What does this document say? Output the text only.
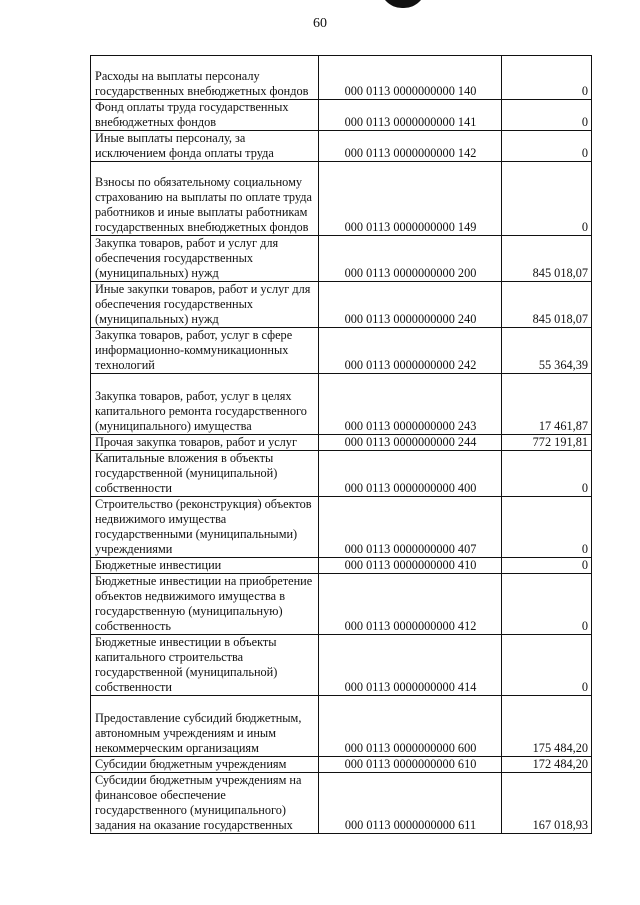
60
Расходы на выплаты персоналу государственных внебюджетных фондов	000 0113 0000000000 140	0
Фонд оплаты труда государственных внебюджетных фондов	000 0113 0000000000 141	0
Иные выплаты персоналу, за исключением фонда оплаты труда	000 0113 0000000000 142	0
Взносы по обязательному социальному страхованию на выплаты по оплате труда работников и иные выплаты работникам государственных внебюджетных фондов	000 0113 0000000000 149	0
Закупка товаров, работ и услуг для обеспечения государственных (муниципальных) нужд	000 0113 0000000000 200	845 018,07
Иные закупки товаров, работ и услуг для обеспечения государственных (муниципальных) нужд	000 0113 0000000000 240	845 018,07
Закупка товаров, работ, услуг в сфере информационно-коммуникационных технологий	000 0113 0000000000 242	55 364,39
Закупка товаров, работ, услуг в целях капитального ремонта государственного (муниципального) имущества	000 0113 0000000000 243	17 461,87
Прочая закупка товаров, работ и услуг	000 0113 0000000000 244	772 191,81
Капитальные вложения в объекты государственной (муниципальной) собственности	000 0113 0000000000 400	0
Строительство (реконструкция) объектов недвижимого имущества государственными (муниципальными) учреждениями	000 0113 0000000000 407	0
Бюджетные инвестиции	000 0113 0000000000 410	0
Бюджетные инвестиции на приобретение объектов недвижимого имущества в государственную (муниципальную) собственность	000 0113 0000000000 412	0
Бюджетные инвестиции в объекты капитального строительства государственной (муниципальной) собственности	000 0113 0000000000 414	0
Предоставление субсидий бюджетным, автономным учреждениям и иным некоммерческим организациям	000 0113 0000000000 600	175 484,20
Субсидии бюджетным учреждениям	000 0113 0000000000 610	172 484,20
Субсидии бюджетным учреждениям на финансовое обеспечение государственного (муниципального) задания на оказание государственных	000 0113 0000000000 611	167 018,93
